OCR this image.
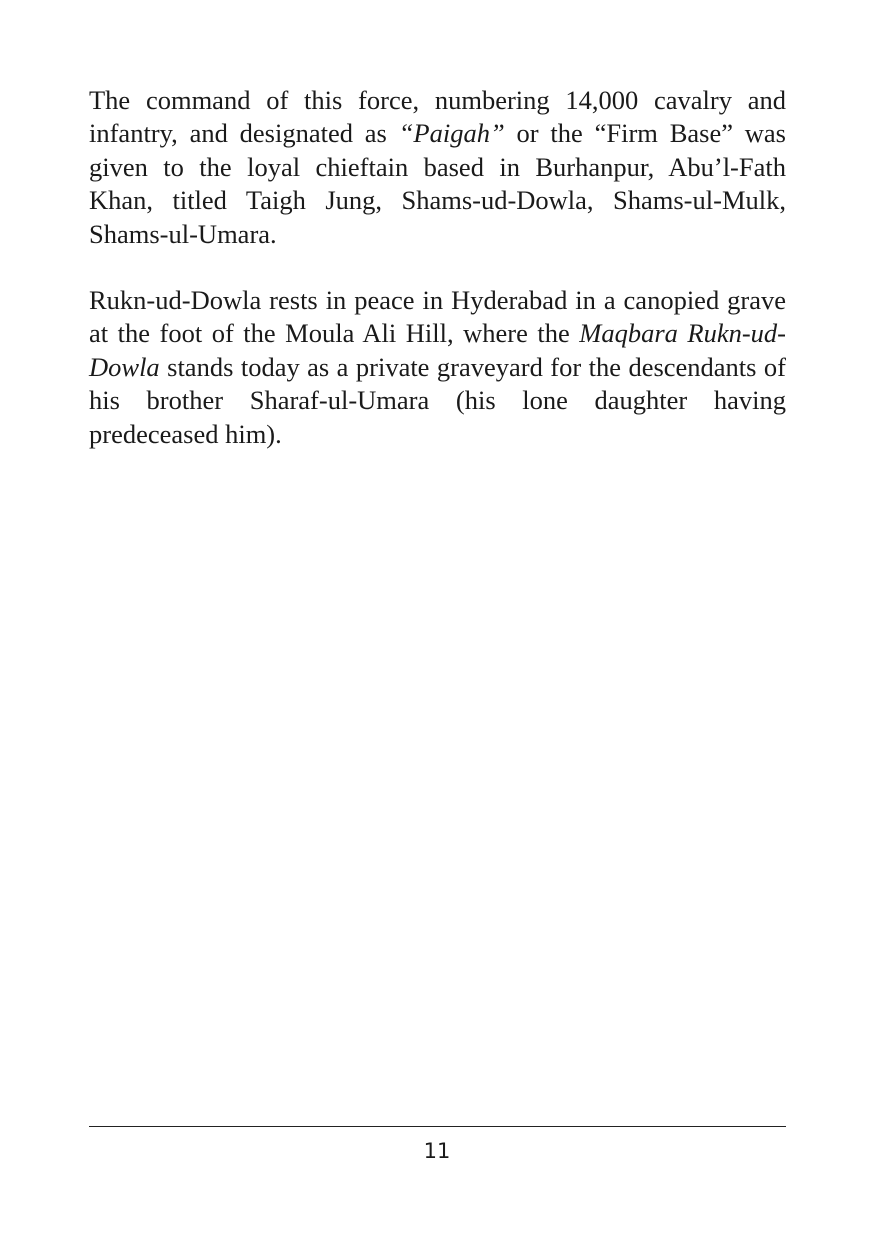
The command of this force, numbering 14,000 cavalry and infantry, and designated as “Paigah” or the “Firm Base” was given to the loyal chieftain based in Burhanpur, Abu’l-Fath Khan, titled Taigh Jung, Shams-ud-Dowla, Shams-ul-Mulk, Shams-ul-Umara.

Rukn-ud-Dowla rests in peace in Hyderabad in a canopied grave at the foot of the Moula Ali Hill, where the Maqbara Rukn-ud-Dowla stands today as a private graveyard for the descendants of his brother Sharaf-ul-Umara (his lone daughter having predeceased him).

11
